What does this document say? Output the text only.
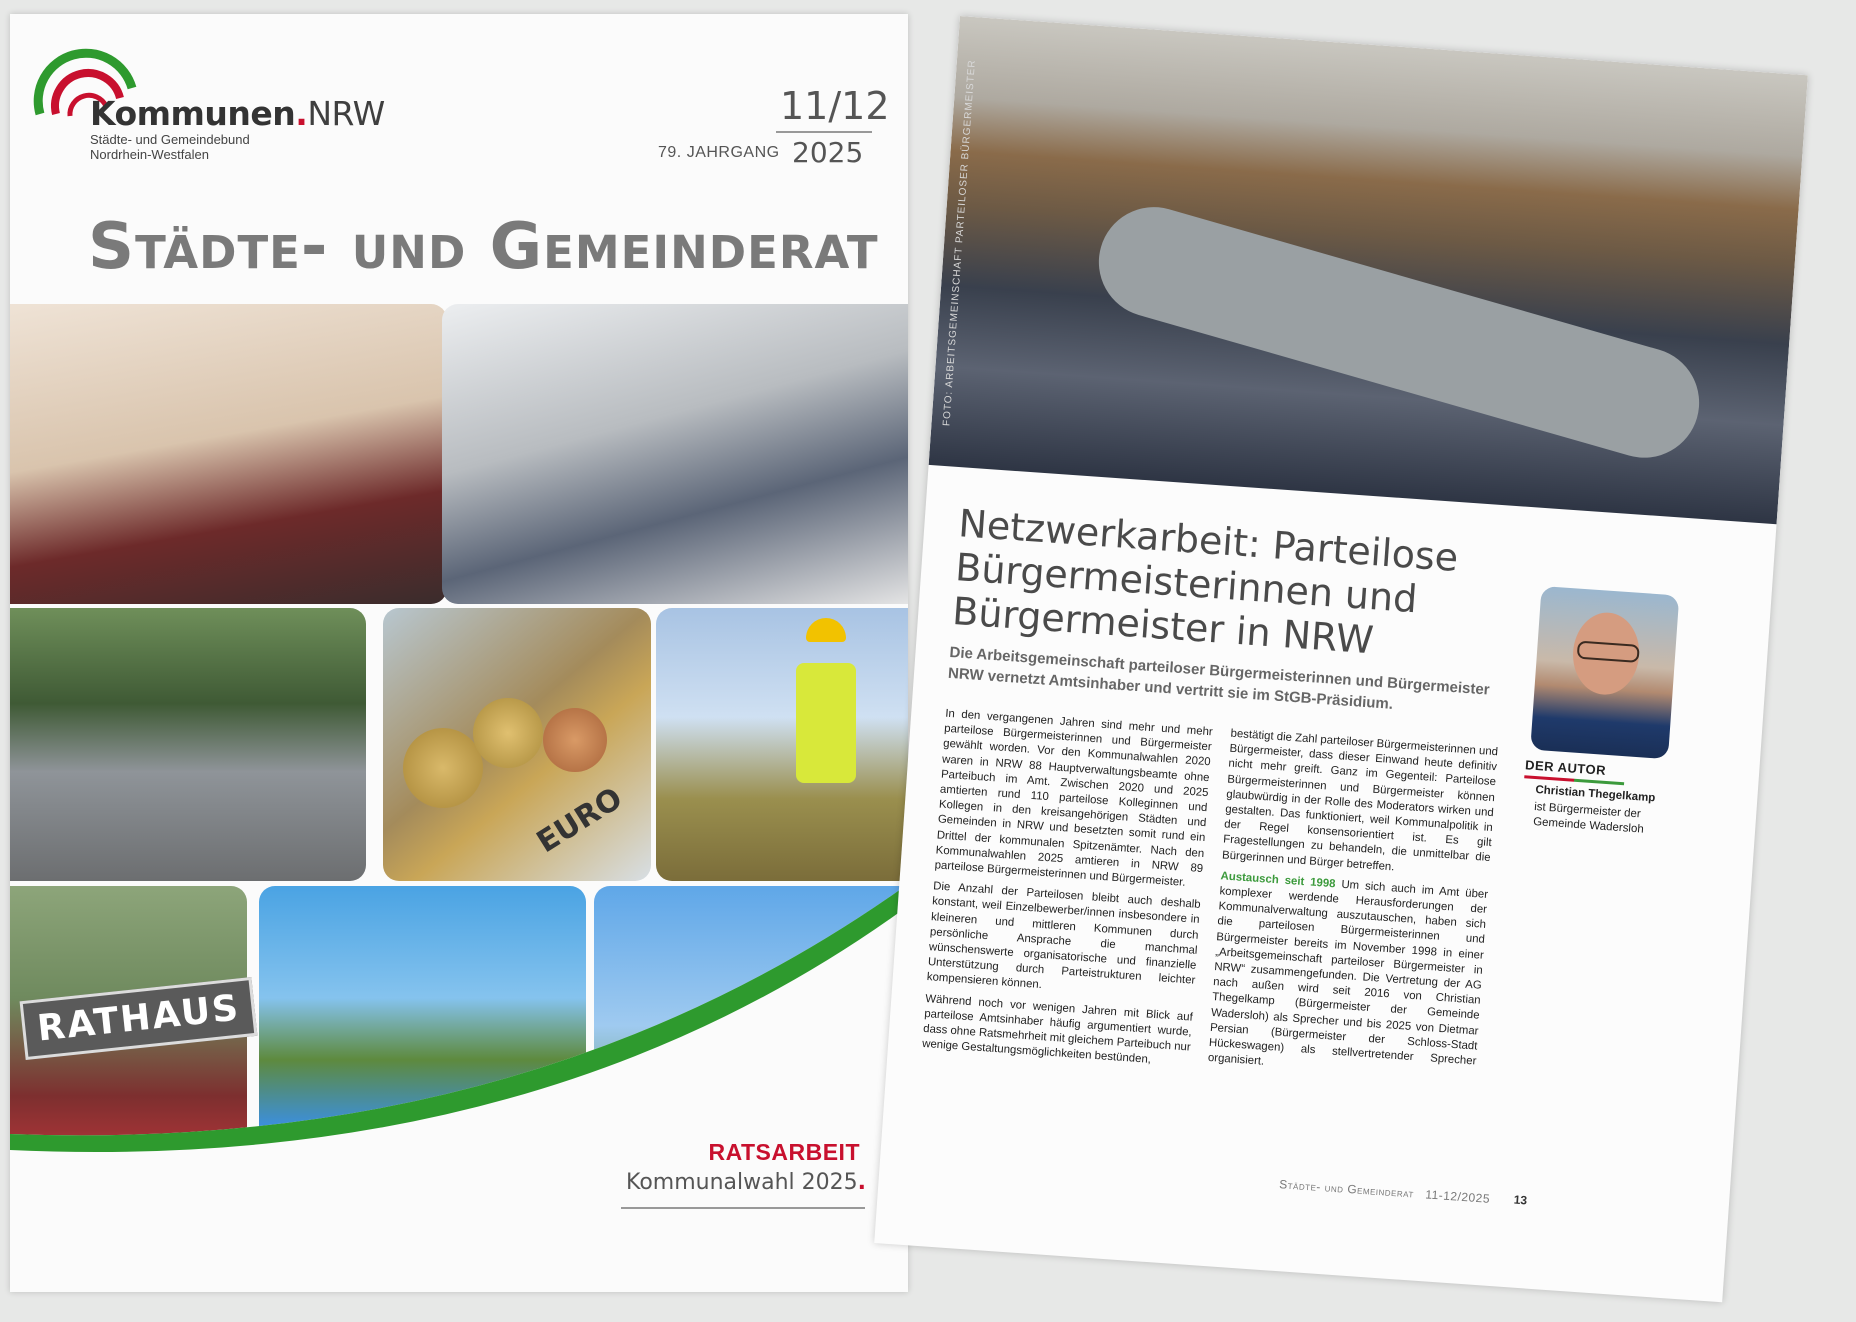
Kommunen.NRW
Städte- und Gemeindebund
Nordrhein-Westfalen
11/12
79. JAHRGANG 2025
Städte- und Gemeinderat
EURO
RATHAUS
RATSARBEIT
Kommunalwahl 2025.
FOTO: ARBEITSGEMEINSCHAFT PARTEILOSER BÜRGERMEISTER
Netzwerkarbeit: Parteilose Bürgermeisterinnen und Bürgermeister in NRW
Die Arbeitsgemeinschaft parteiloser Bürgermeisterinnen und Bürgermeister NRW vernetzt Amtsinhaber und vertritt sie im StGB-Präsidium.

In den vergangenen Jahren sind mehr und mehr parteilose Bürgermeisterinnen und Bürgermeister gewählt worden. Vor den Kommunalwahlen 2020 waren in NRW 88 Hauptverwaltungsbeamte ohne Parteibuch im Amt. Zwischen 2020 und 2025 amtierten rund 110 parteilose Kolleginnen und Kollegen in den kreisangehörigen Städten und Gemeinden in NRW und besetzten somit rund ein Drittel der kommunalen Spitzenämter. Nach den Kommunalwahlen 2025 amtieren in NRW 89 parteilose Bürgermeisterinnen und Bürgermeister.

Die Anzahl der Parteilosen bleibt auch deshalb konstant, weil Einzelbewerber/innen insbesondere in kleineren und mittleren Kommunen durch persönliche Ansprache die manchmal wünschenswerte organisatorische und finanzielle Unterstützung durch Parteistrukturen leichter kompensieren können.

Während noch vor wenigen Jahren mit Blick auf parteilose Amtsinhaber häufig argumentiert wurde, dass ohne Ratsmehrheit mit gleichem Parteibuch nur wenige Gestaltungsmöglichkeiten bestünden,

bestätigt die Zahl parteiloser Bürgermeisterinnen und Bürgermeister, dass dieser Einwand heute definitiv nicht mehr greift. Ganz im Gegenteil: Parteilose Bürgermeisterinnen und Bürgermeister können glaubwürdig in der Rolle des Moderators wirken und gestalten. Das funktioniert, weil Kommunalpolitik in der Regel konsensorientiert ist. Es gilt Fragestellungen zu behandeln, die unmittelbar die Bürgerinnen und Bürger betreffen.

Austausch seit 1998 Um sich auch im Amt über komplexer werdende Herausforderungen der Kommunalverwaltung auszutauschen, haben sich die parteilosen Bürgermeisterinnen und Bürgermeister bereits im November 1998 in einer „Arbeitsgemeinschaft parteiloser Bürgermeister in NRW“ zusammengefunden. Die Vertretung der AG nach außen wird seit 2016 von Christian Thegelkamp (Bürgermeister der Gemeinde Wadersloh) als Sprecher und bis 2025 von Dietmar Persian (Bürgermeister der Schloss-Stadt Hückeswagen) als stellvertretender Sprecher organisiert.

DER AUTOR
Christian Thegelkamp
ist Bürgermeister der Gemeinde Wadersloh
Städte- und Gemeinderat   11-12/2025 13
